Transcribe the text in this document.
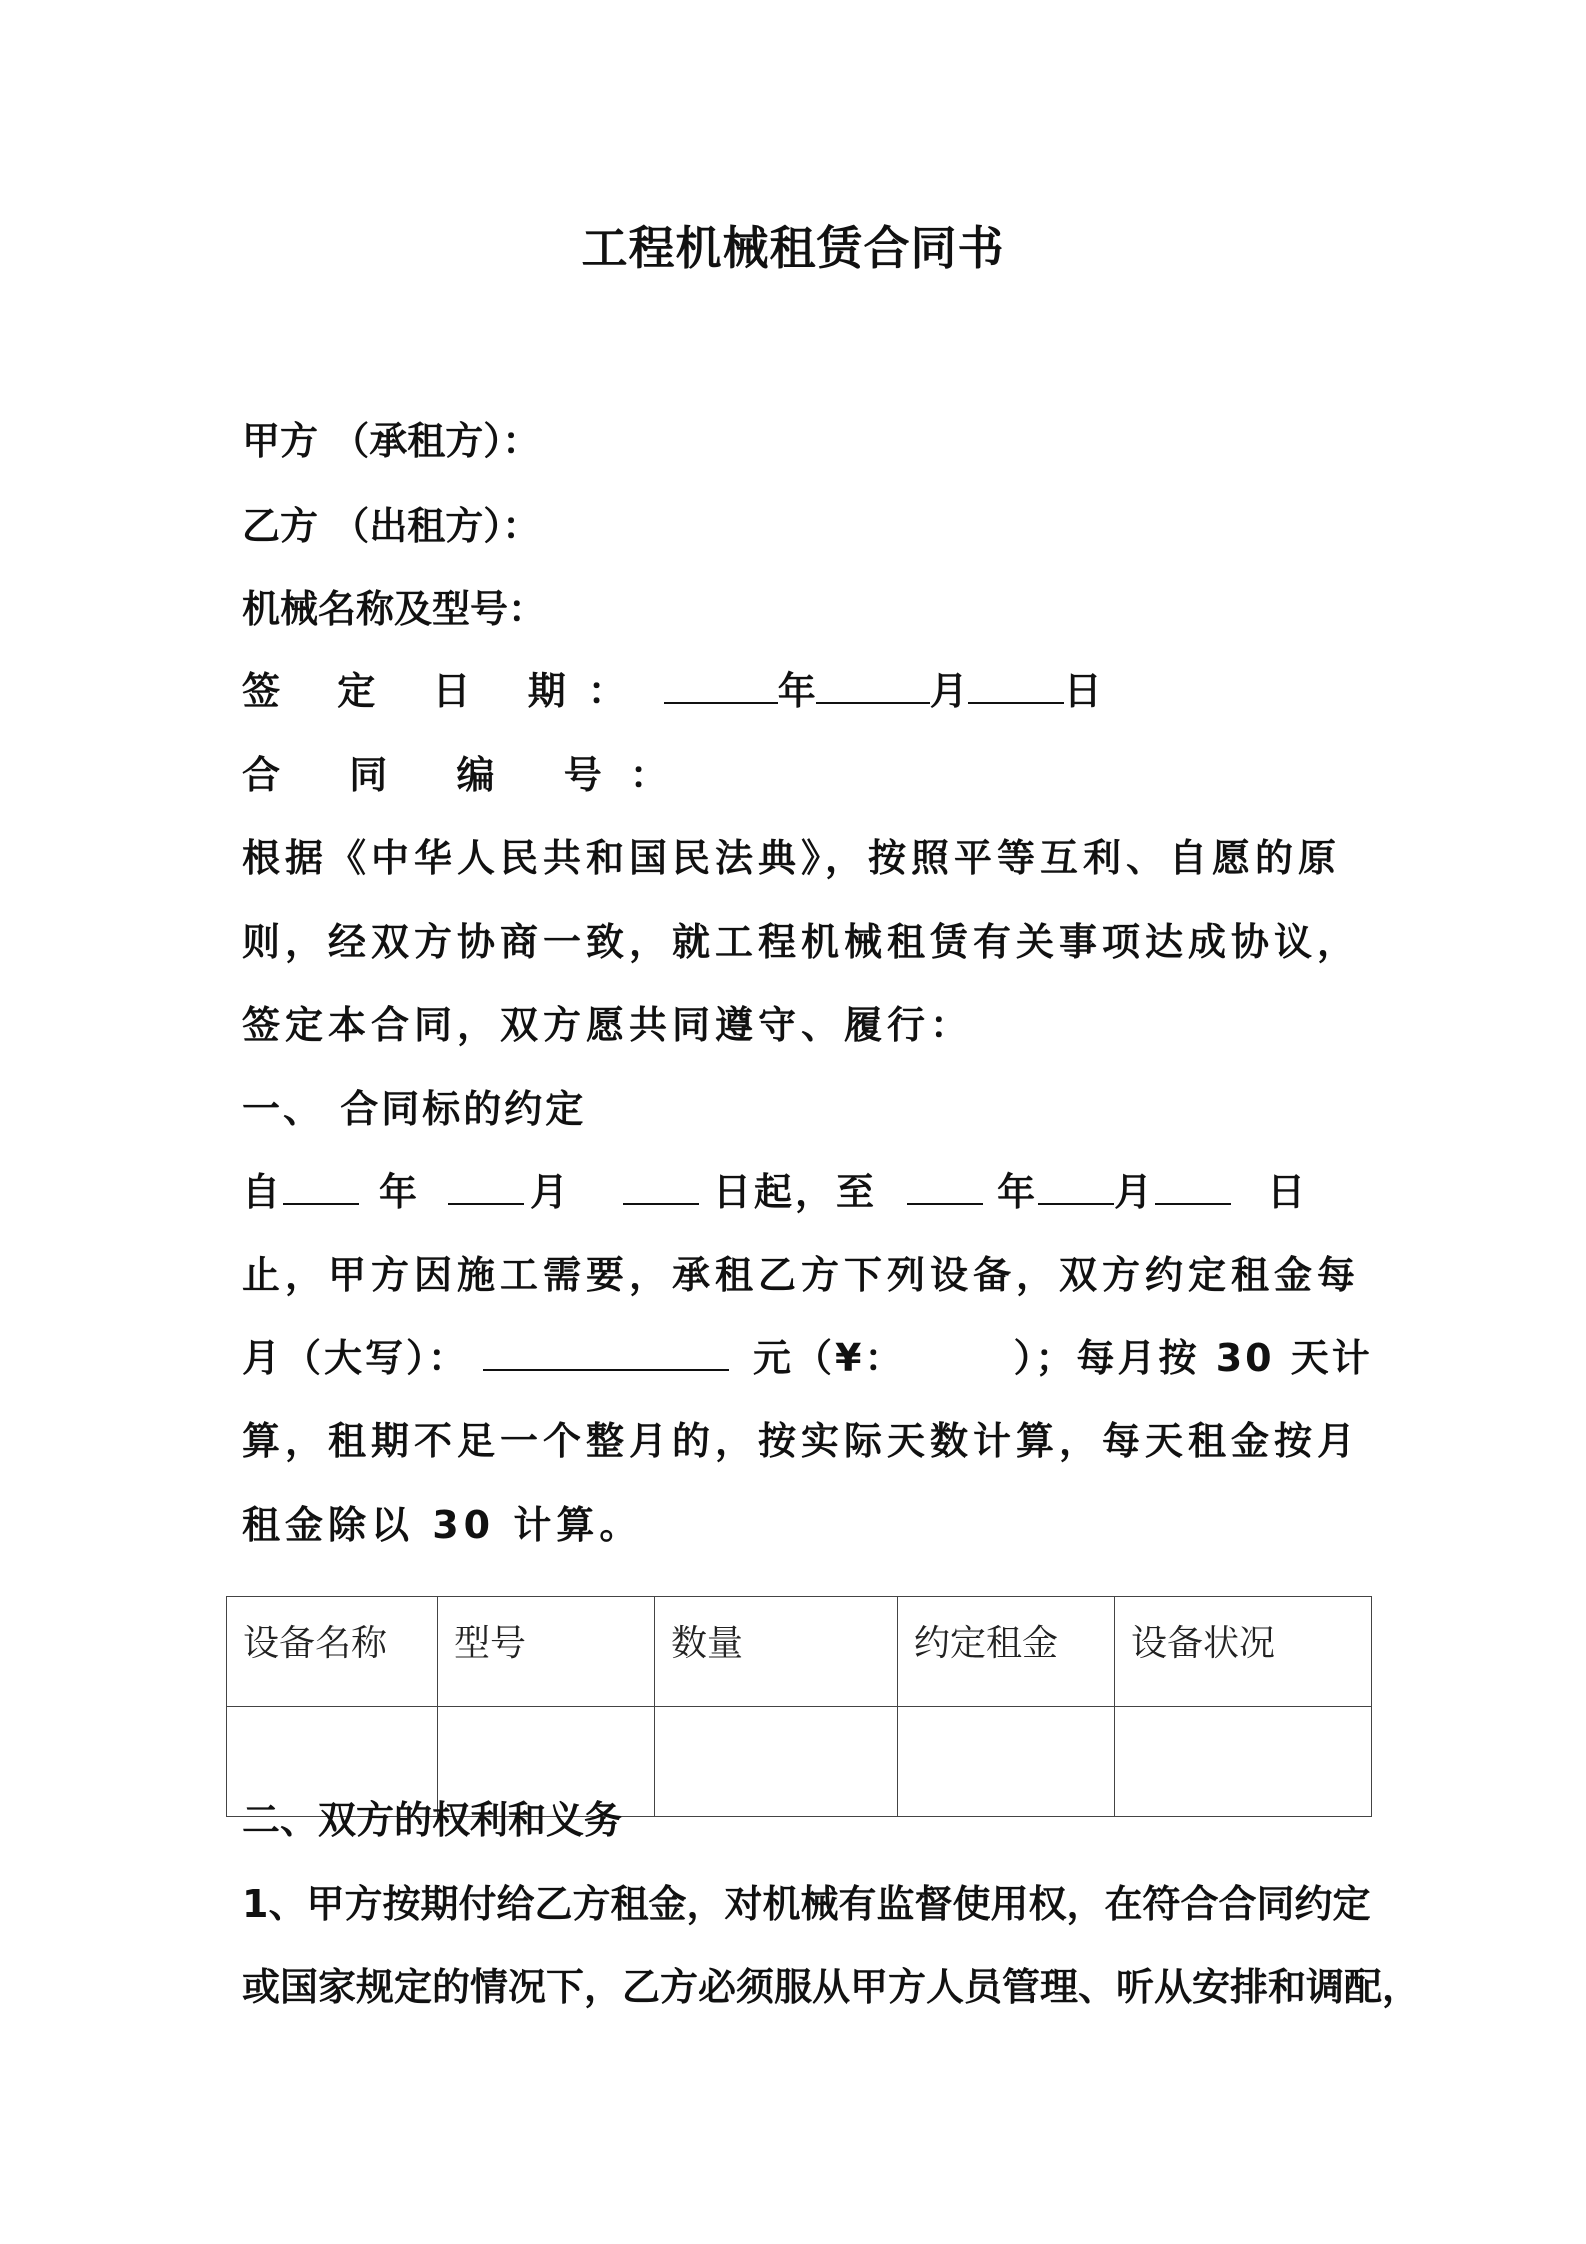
工程机械租赁合同书
甲方 （承租方）：
乙方 （出租方）：
机械名称及型号：
签 定 日 期：	年	月	日
合 同 编 号：
根据《中华人民共和国民法典》，按照平等互利、自愿的原
则，经双方协商一致，就工程机械租赁有关事项达成协议，
签定本合同，双方愿共同遵守、履行：
一、 合同标的约定
自	年	月	日起，至	年 月	日
止，甲方因施工需要，承租乙方下列设备，双方约定租金每
月（大写）：	元（¥：	）；每月按 30 天计
算，租期不足一个整月的，按实际天数计算，每天租金按月
租金除以 30 计算。
设备名称	型号	数量	约定租金	设备状况

二、双方的权利和义务
1、甲方按期付给乙方租金，对机械有监督使用权，在符合合同约定
或国家规定的情况下，乙方必须服从甲方人员管理、听从安排和调配，
